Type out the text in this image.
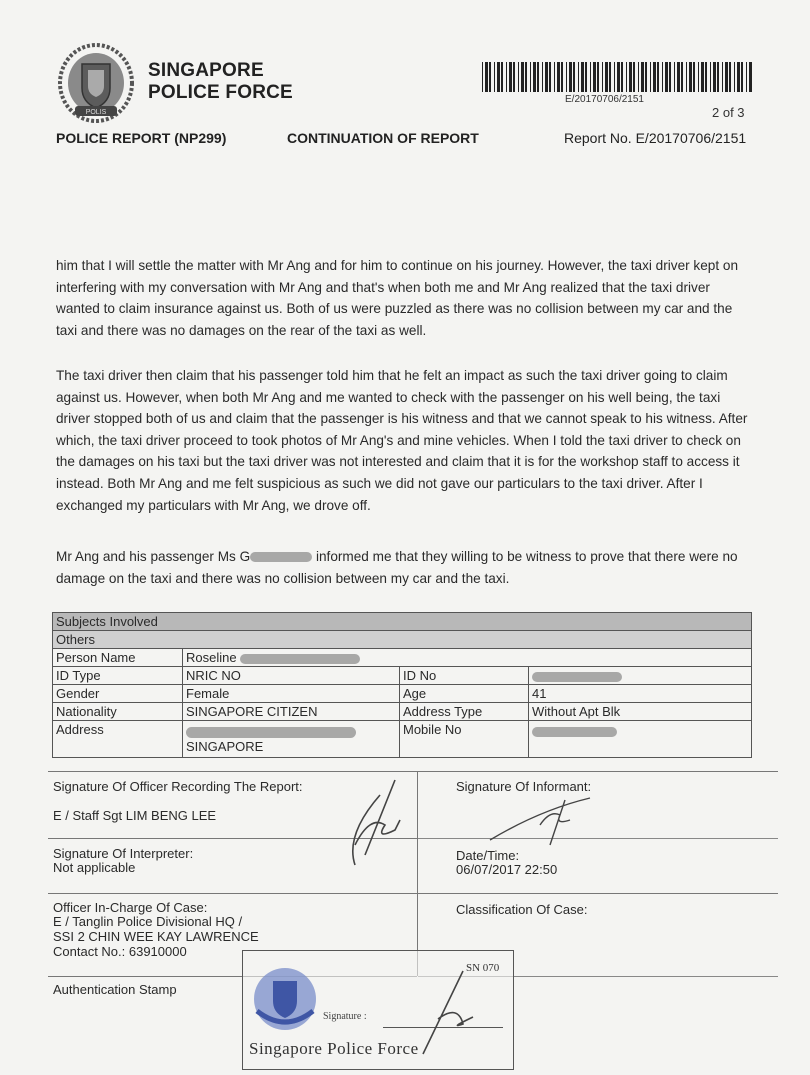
POLIS
SINGAPORE
POLICE FORCE	E/20170706/2151
2 of 3
POLICE REPORT (NP299)	CONTINUATION OF REPORT	Report No. E/20170706/2151

him that I will settle the matter with Mr Ang and for him to continue on his journey. However, the taxi driver kept on interfering with my conversation with Mr Ang and that's when both me and Mr Ang realized that the taxi driver wanted to claim insurance against us. Both of us were puzzled as there was no collision between my car and the taxi and there was no damages on the rear of the taxi as well.

The taxi driver then claim that his passenger told him that he felt an impact as such the taxi driver going to claim against us. However, when both Mr Ang and me wanted to check with the passenger on his well being, the taxi driver stopped both of us and claim that the passenger is his witness and that we cannot speak to his witness. After which, the taxi driver proceed to took photos of Mr Ang's and mine vehicles. When I told the taxi driver to check on the damages on his taxi but the taxi driver was not interested and claim that it is for the workshop staff to access it instead. Both Mr Ang and me felt suspicious as such we did not gave our particulars to the taxi driver. After I exchanged my particulars with Mr Ang, we drove off.

Mr Ang and his passenger Ms G	informed me that they willing to be witness to prove that there were no damage on the taxi and there was no collision between my car and the taxi.

Subjects Involved			
Others			
Person Name	Roseline		
ID Type	NRIC NO	ID No	
Gender	Female	Age	41
Nationality	SINGAPORE CITIZEN	Address Type	Without Apt Blk
Address	SINGAPORE	Mobile No	
Signature Of Officer Recording The Report:
E / Staff Sgt LIM BENG LEE
Signature Of Informant:
Signature Of Interpreter:
Not applicable
Date/Time:
06/07/2017 22:50
Officer In-Charge Of Case:
E / Tanglin Police Divisional HQ /
SSI 2 CHIN WEE KAY LAWRENCE
Contact No.: 63910000
Classification Of Case:
Authentication Stamp
Signature :
Singapore Police Force
SN 070
